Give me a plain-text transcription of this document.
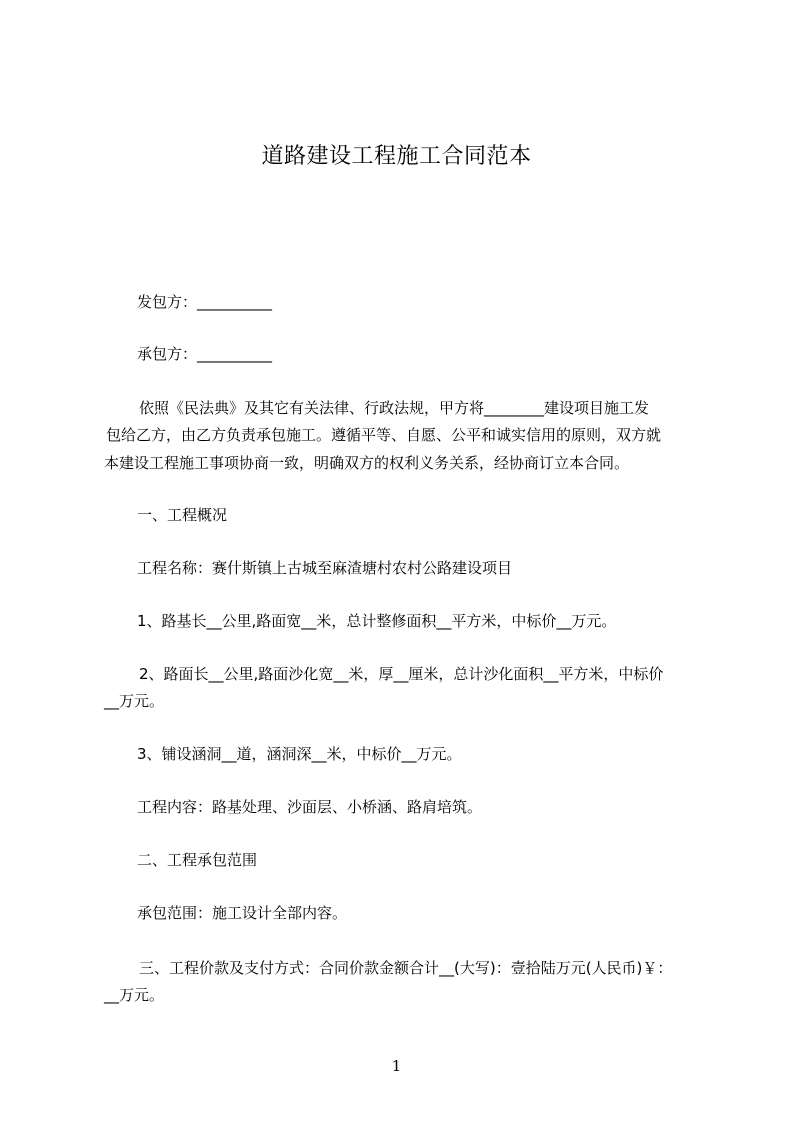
道路建设工程施工合同范本
发包方：__________
承包方：__________
依照《民法典》及其它有关法律、行政法规，甲方将________建设项目施工发
包给乙方，由乙方负责承包施工。遵循平等、自愿、公平和诚实信用的原则，双方就
本建设工程施工事项协商一致，明确双方的权利义务关系，经协商订立本合同。
一、工程概况
工程名称：赛什斯镇上古城至麻渣塘村农村公路建设项目
1、路基长__公里,路面宽__米，总计整修面积__平方米，中标价__万元。
2、路面长__公里,路面沙化宽__米，厚__厘米，总计沙化面积__平方米，中标价
__万元。
3、铺设涵洞__道，涵洞深__米，中标价__万元。
工程内容：路基处理、沙面层、小桥涵、路肩培筑。
二、工程承包范围
承包范围：施工设计全部内容。
三、工程价款及支付方式：合同价款金额合计__(大写)：壹拾陆万元(人民币)￥：
__万元。
1
